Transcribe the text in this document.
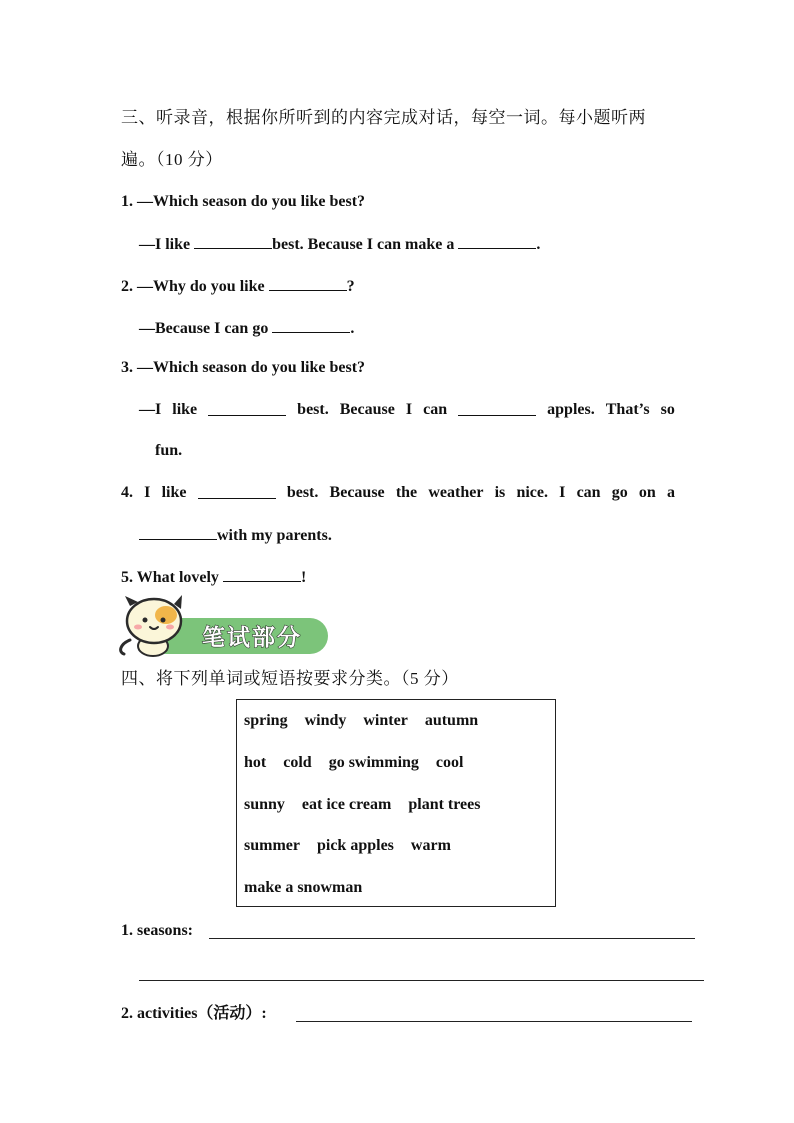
三、听录音，根据你所听到的内容完成对话，每空一词。每小题听两
遍。（10 分）
1. —Which season do you like best?
—I like	best. Because I can make a	.
2. —Why do you like	?
—Because I can go	.
3. —Which season do you like best?
—I like	best. Because I can	apples. That’s so
fun.
4. I like	best. Because the weather is nice. I can go on a
with my parents.
5. What lovely	!
笔试部分
四、将下列单词或短语按要求分类。（5 分）
spring windy winter autumn
hot cold go swimming cool
sunny eat ice cream plant trees
summer pick apples warm
make a snowman
1. seasons:
2. activities（活动）:
